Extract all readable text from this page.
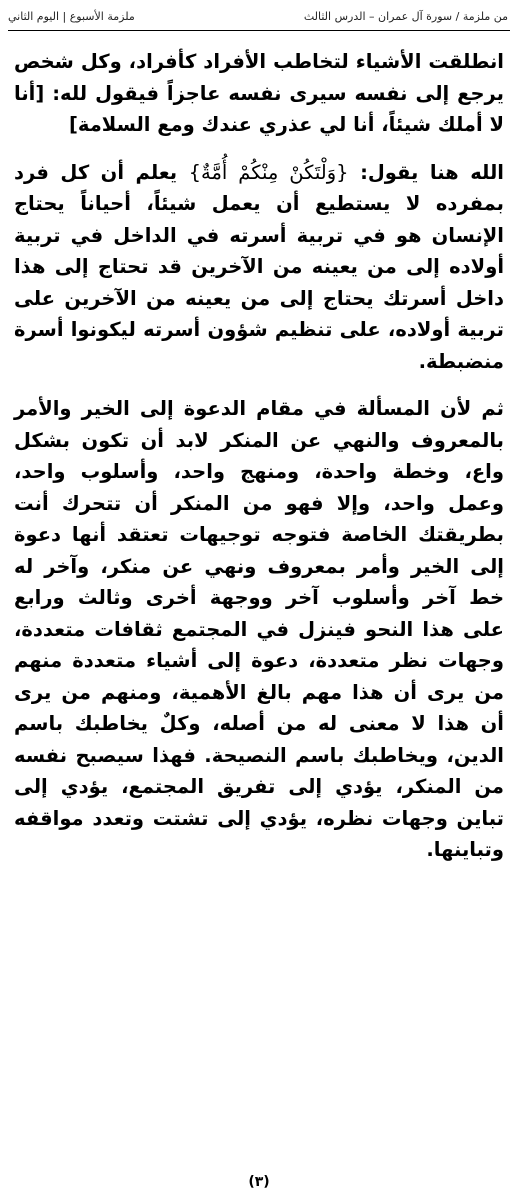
من ملزمة / سورة آل عمران – الدرس الثالث
ملزمة الأسبوع | اليوم الثاني

انطلقت الأشياء لتخاطب الأفراد كأفراد، وكل شخص يرجع إلى نفسه سيرى نفسه عاجزاً فيقول لله: [أنا لا أملك شيئاً، أنا لي عذري عندك ومع السلامة]

الله هنا يقول: {وَلْتَكُنْ مِنْكُمْ أُمَّةٌ} يعلم أن كل فرد بمفرده لا يستطيع أن يعمل شيئاً، أحياناً يحتاج الإنسان هو في تربية أسرته في الداخل في تربية أولاده إلى من يعينه من الآخرين قد تحتاج إلى هذا داخل أسرتك يحتاج إلى من يعينه من الآخرين على تربية أولاده، على تنظيم شؤون أسرته ليكونوا أسرة منضبطة.

ثم لأن المسألة في مقام الدعوة إلى الخير والأمر بالمعروف والنهي عن المنكر لابد أن تكون بشكل واع، وخطة واحدة، ومنهج واحد، وأسلوب واحد، وعمل واحد، وإلا فهو من المنكر أن تتحرك أنت بطريقتك الخاصة فتوجه توجيهات تعتقد أنها دعوة إلى الخير وأمر بمعروف ونهي عن منكر، وآخر له خط آخر وأسلوب آخر ووجهة أخرى وثالث ورابع على هذا النحو فينزل في المجتمع ثقافات متعددة، وجهات نظر متعددة، دعوة إلى أشياء متعددة منهم من يرى أن هذا مهم بالغ الأهمية، ومنهم من يرى أن هذا لا معنى له من أصله، وكلٌ يخاطبك باسم الدين، ويخاطبك باسم النصيحة. فهذا سيصبح نفسه من المنكر، يؤدي إلى تفريق المجتمع، يؤدي إلى تباين وجهات نظره، يؤدي إلى تشتت وتعدد مواقفه وتباينها.

(٣)
